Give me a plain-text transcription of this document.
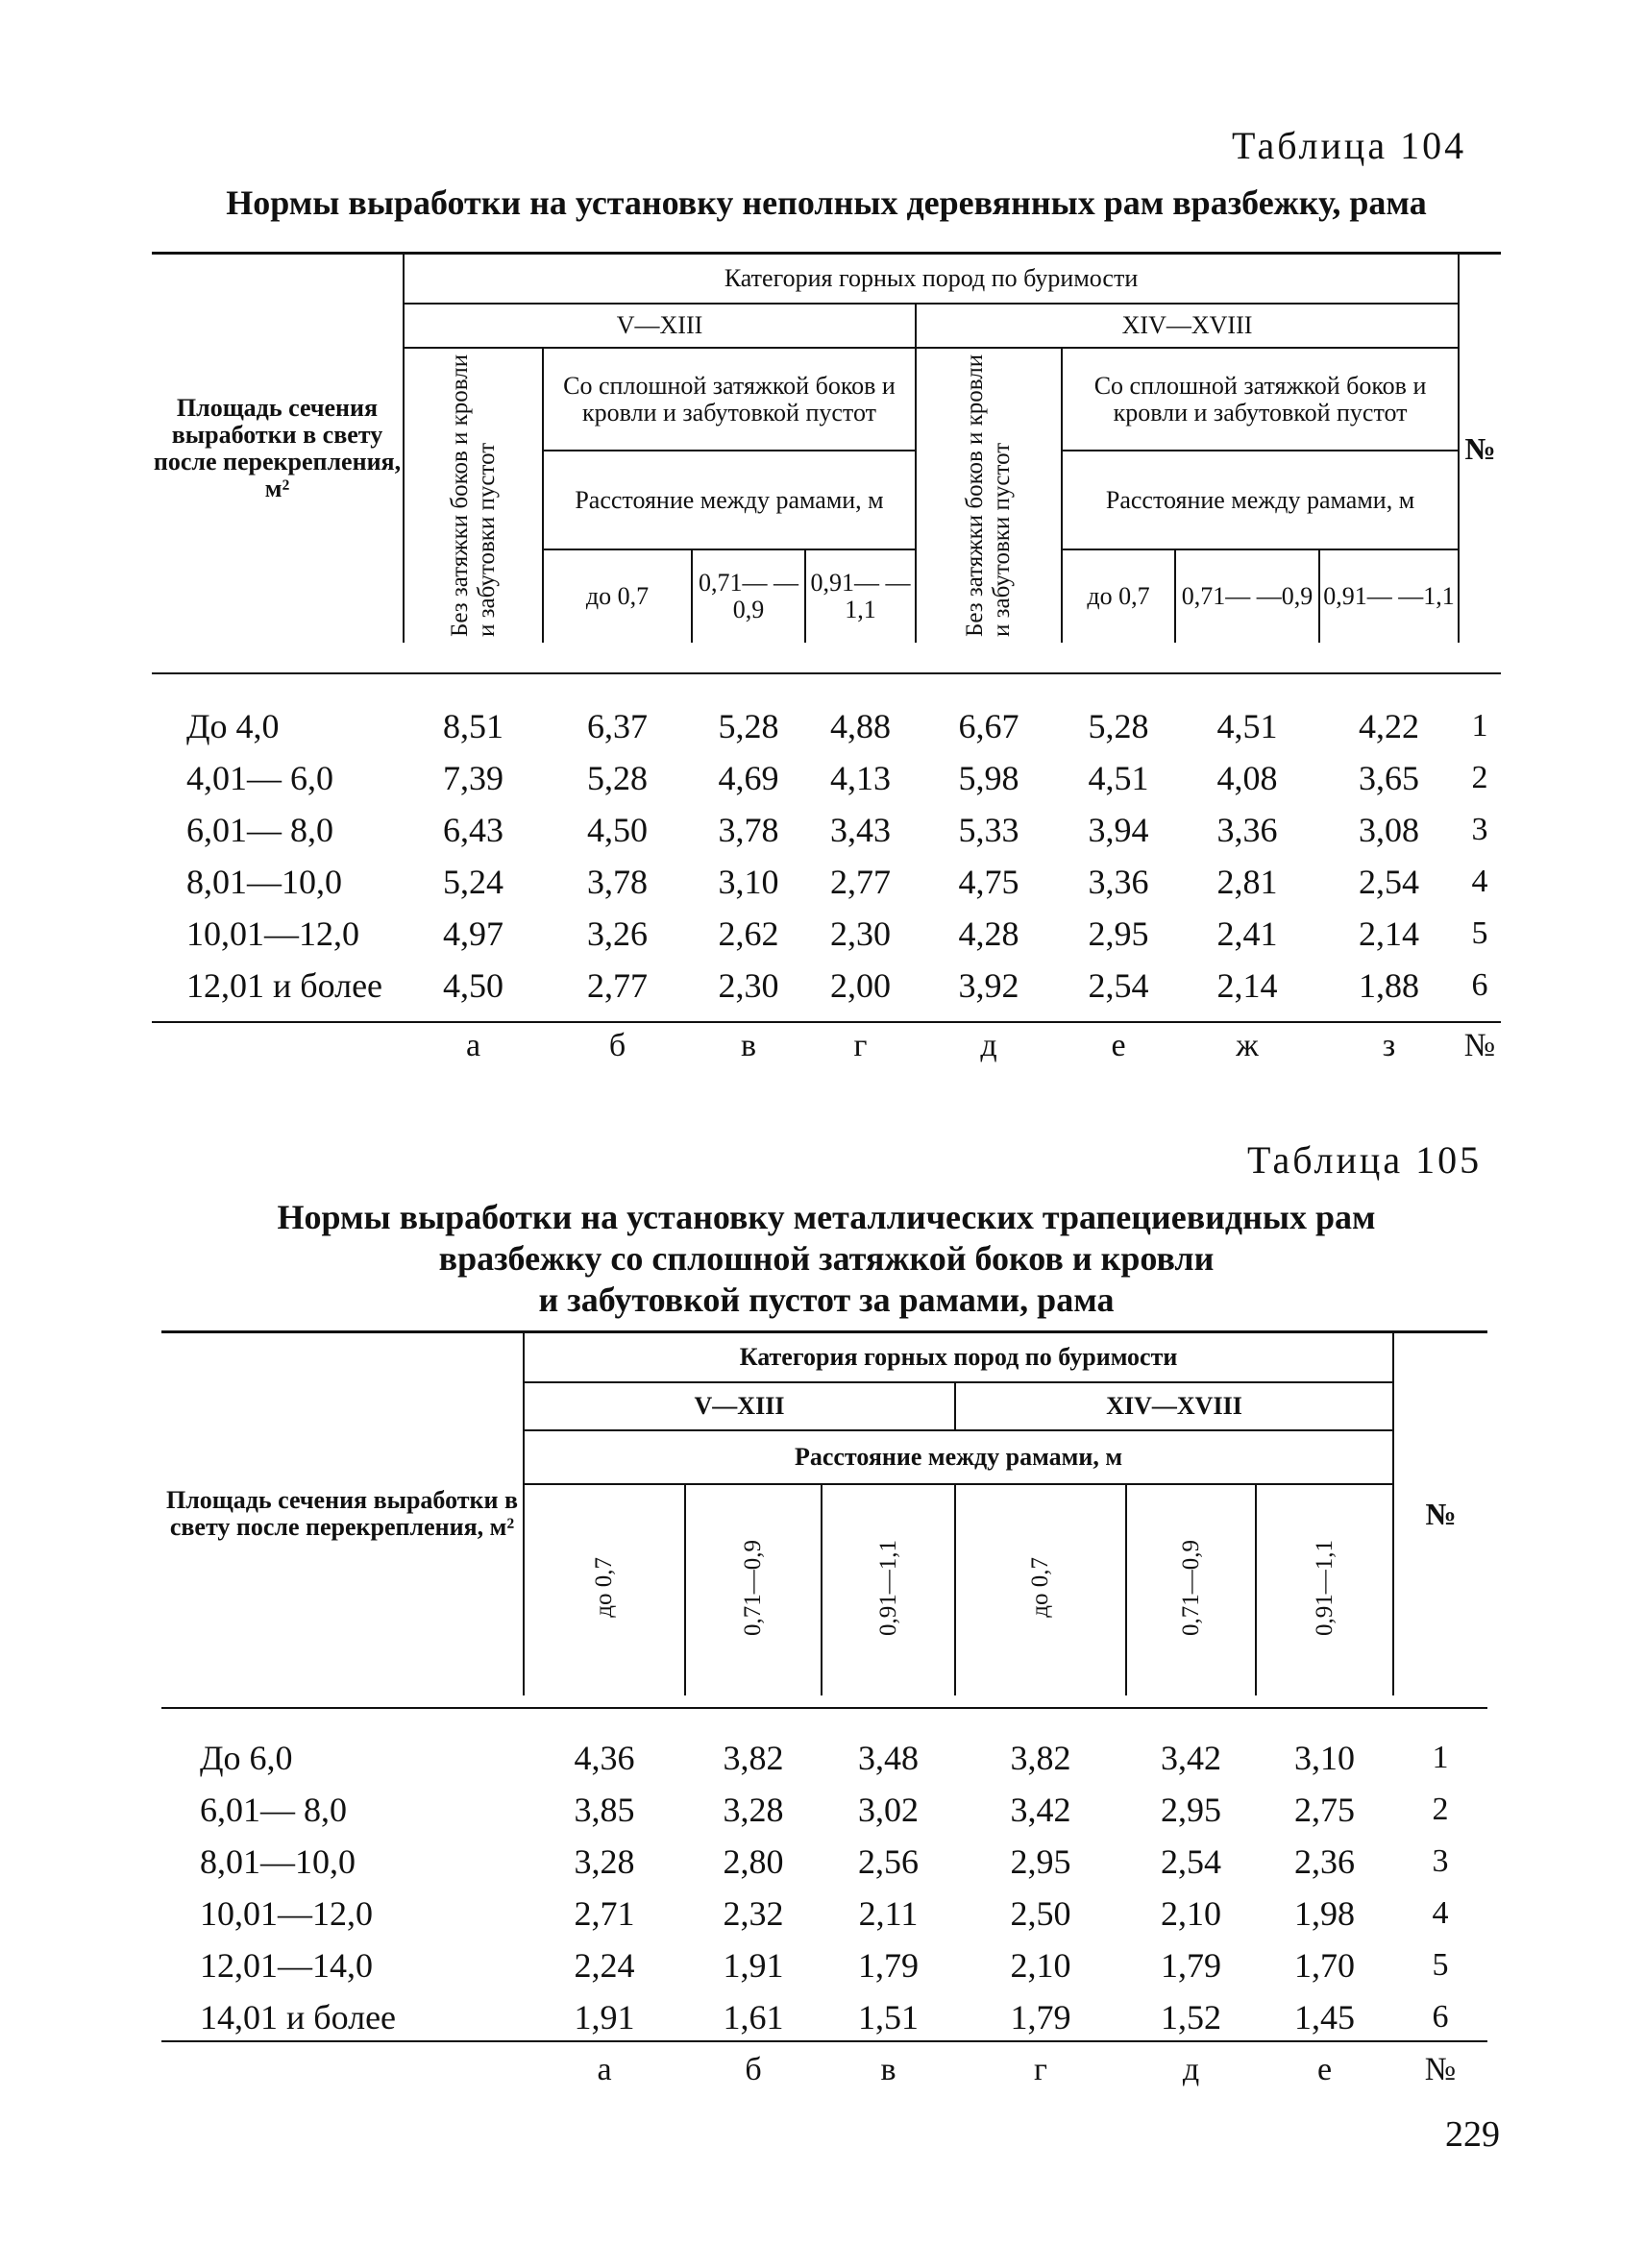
Таблица 104
Нормы выработки на установку неполных деревянных рам вразбежку, рама
Площадь сечения выработки в свету после перекрепления, м²	Категория горных пород по буримости								№
	V—XIII				XIV—XVIII				
	Без затяжки боков и кровли и забутовки пустот	Со сплошной затяжкой боков и кровли и забутовкой пустот			Без затяжки боков и кровли и забутовки пустот	Со сплошной затяжкой боков и кровли и забутовкой пустот			
		Расстояние между рамами, м				Расстояние между рамами, м			
		до 0,7	0,71— —0,9	0,91— —1,1		до 0,7	0,71— —0,9	0,91— —1,1	
До 4,0	8,51	6,37	5,28	4,88	6,67	5,28	4,51	4,22	1
4,01— 6,0	7,39	5,28	4,69	4,13	5,98	4,51	4,08	3,65	2
6,01— 8,0	6,43	4,50	3,78	3,43	5,33	3,94	3,36	3,08	3
8,01—10,0	5,24	3,78	3,10	2,77	4,75	3,36	2,81	2,54	4
10,01—12,0	4,97	3,26	2,62	2,30	4,28	2,95	2,41	2,14	5
12,01 и более	4,50	2,77	2,30	2,00	3,92	2,54	2,14	1,88	6
	а	б	в	г	д	е	ж	з	№
Таблица 105
Нормы выработки на установку металлических трапециевидных рам
вразбежку со сплошной затяжкой боков и кровли
и забутовкой пустот за рамами, рама
Площадь сечения выработки в свету после перекрепления, м²	Категория горных пород по буримости						№
	V—XIII			XIV—XVIII			
	Расстояние между рамами, м						
	до 0,7	0,71—0,9	0,91—1,1	до 0,7	0,71—0,9	0,91—1,1	
До 6,0	4,36	3,82	3,48	3,82	3,42	3,10	1
6,01— 8,0	3,85	3,28	3,02	3,42	2,95	2,75	2
8,01—10,0	3,28	2,80	2,56	2,95	2,54	2,36	3
10,01—12,0	2,71	2,32	2,11	2,50	2,10	1,98	4
12,01—14,0	2,24	1,91	1,79	2,10	1,79	1,70	5
14,01 и более	1,91	1,61	1,51	1,79	1,52	1,45	6
	а	б	в	г	д	е	№
229
